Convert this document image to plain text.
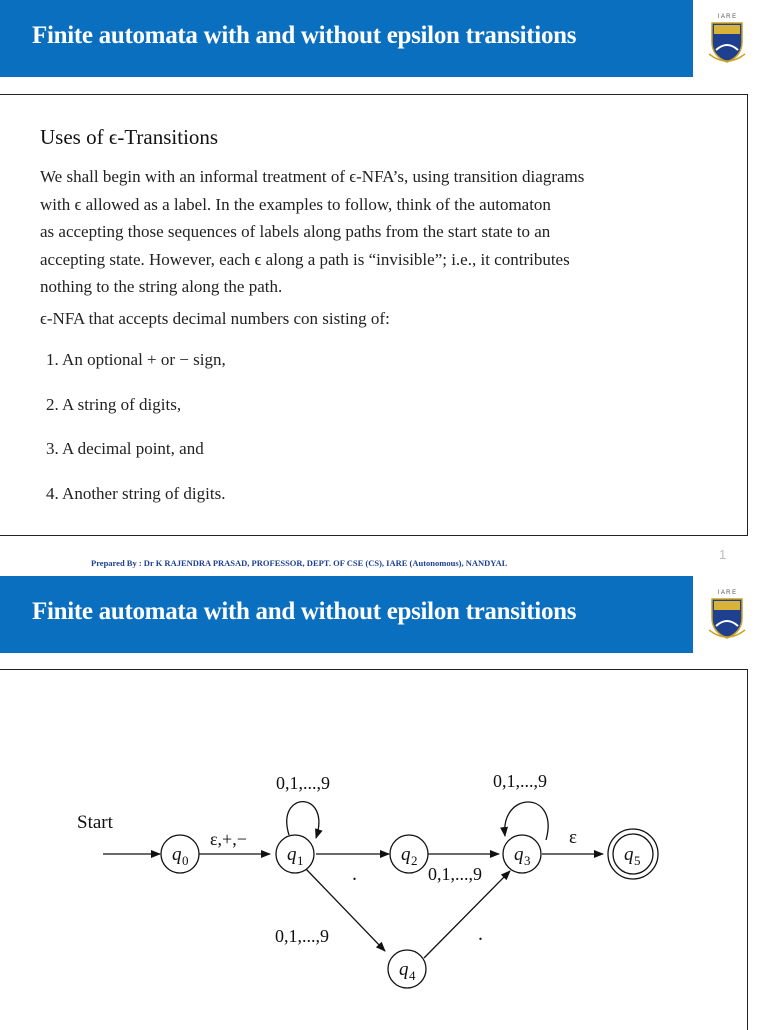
Finite automata with and without epsilon transitions
I A R E
Uses of ϵ-Transitions

We shall begin with an informal treatment of ϵ-NFA’s, using transition diagrams
with ϵ allowed as a label. In the examples to follow, think of the automaton
as accepting those sequences of labels along paths from the start state to an
accepting state. However, each ϵ along a path is “invisible”; i.e., it contributes
nothing to the string along the path.

ϵ-NFA that accepts decimal numbers con sisting of:

1. An optional + or − sign,
2. A string of digits,
3. A decimal point, and
4. Another string of digits.
1
Prepared By : Dr K RAJENDRA PRASAD, PROFESSOR, DEPT. OF CSE (CS), IARE (Autonomous), NANDYAL
Finite automata with and without epsilon transitions
I A R E
Start
q 0	q 1	q 2	q 3
q 4
q 5
ε,+,−
0,1,...,9
.	0,1,...,9
0,1,...,9
ε
0,1,...,9	.
